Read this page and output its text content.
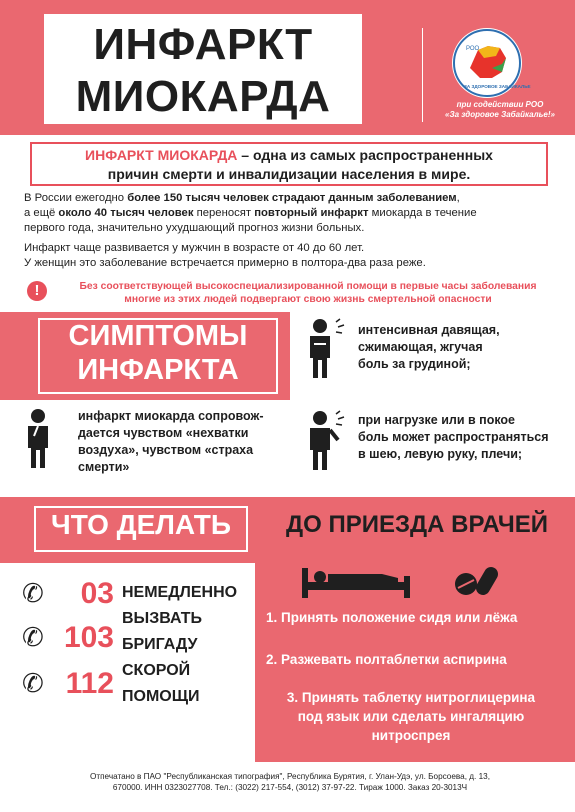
ИНФАРКТ
МИОКАРДА
РОО
ЗА ЗДОРОВОЕ ЗАБАЙКАЛЬЕ
при содействии РОО
«За здоровое Забайкалье!»
ИНФАРКТ МИОКАРДА – одна из самых распространенных
причин смерти и инвалидизации населения в мире.
В России ежегодно более 150 тысяч человек страдают данным заболеванием,
а ещё около 40 тысяч человек переносят повторный инфаркт миокарда в течение
первого года, значительно ухудшающий прогноз жизни больных.
Инфаркт чаще развивается у мужчин в возрасте от 40 до 60 лет.
У женщин это заболевание встречается примерно в полтора-два раза реже.
!	Без соответствующей высокоспециализированной помощи в первые часы заболевания
многие из этих людей подвергают свою жизнь смертельной опасности
СИМПТОМЫ
ИНФАРКТА
интенсивная давящая,
сжимающая, жгучая
боль за грудиной;
инфаркт миокарда сопровож-
дается чувством «нехватки
воздуха», чувством «страха
смерти»
при нагрузке или в покое
боль может распространяться
в шею, левую руку, плечи;
ЧТО ДЕЛАТЬ	ДО ПРИЕЗДА ВРАЧЕЙ
✆	03
✆ 103
✆ 112
НЕМЕДЛЕННО
ВЫЗВАТЬ
БРИГАДУ
СКОРОЙ
ПОМОЩИ
1. Принять положение сидя или лёжа
2. Разжевать полтаблетки аспирина
3. Принять таблетку нитроглицерина
под язык или сделать ингаляцию
нитроспрея
Отпечатано в ПАО "Республиканская типография", Республика Бурятия, г. Улан-Удэ, ул. Борсоева, д. 13,
670000. ИНН 0323027708. Тел.: (3022) 217-554, (3012) 37-97-22. Тираж 1000. Заказ 20-3013Ч
